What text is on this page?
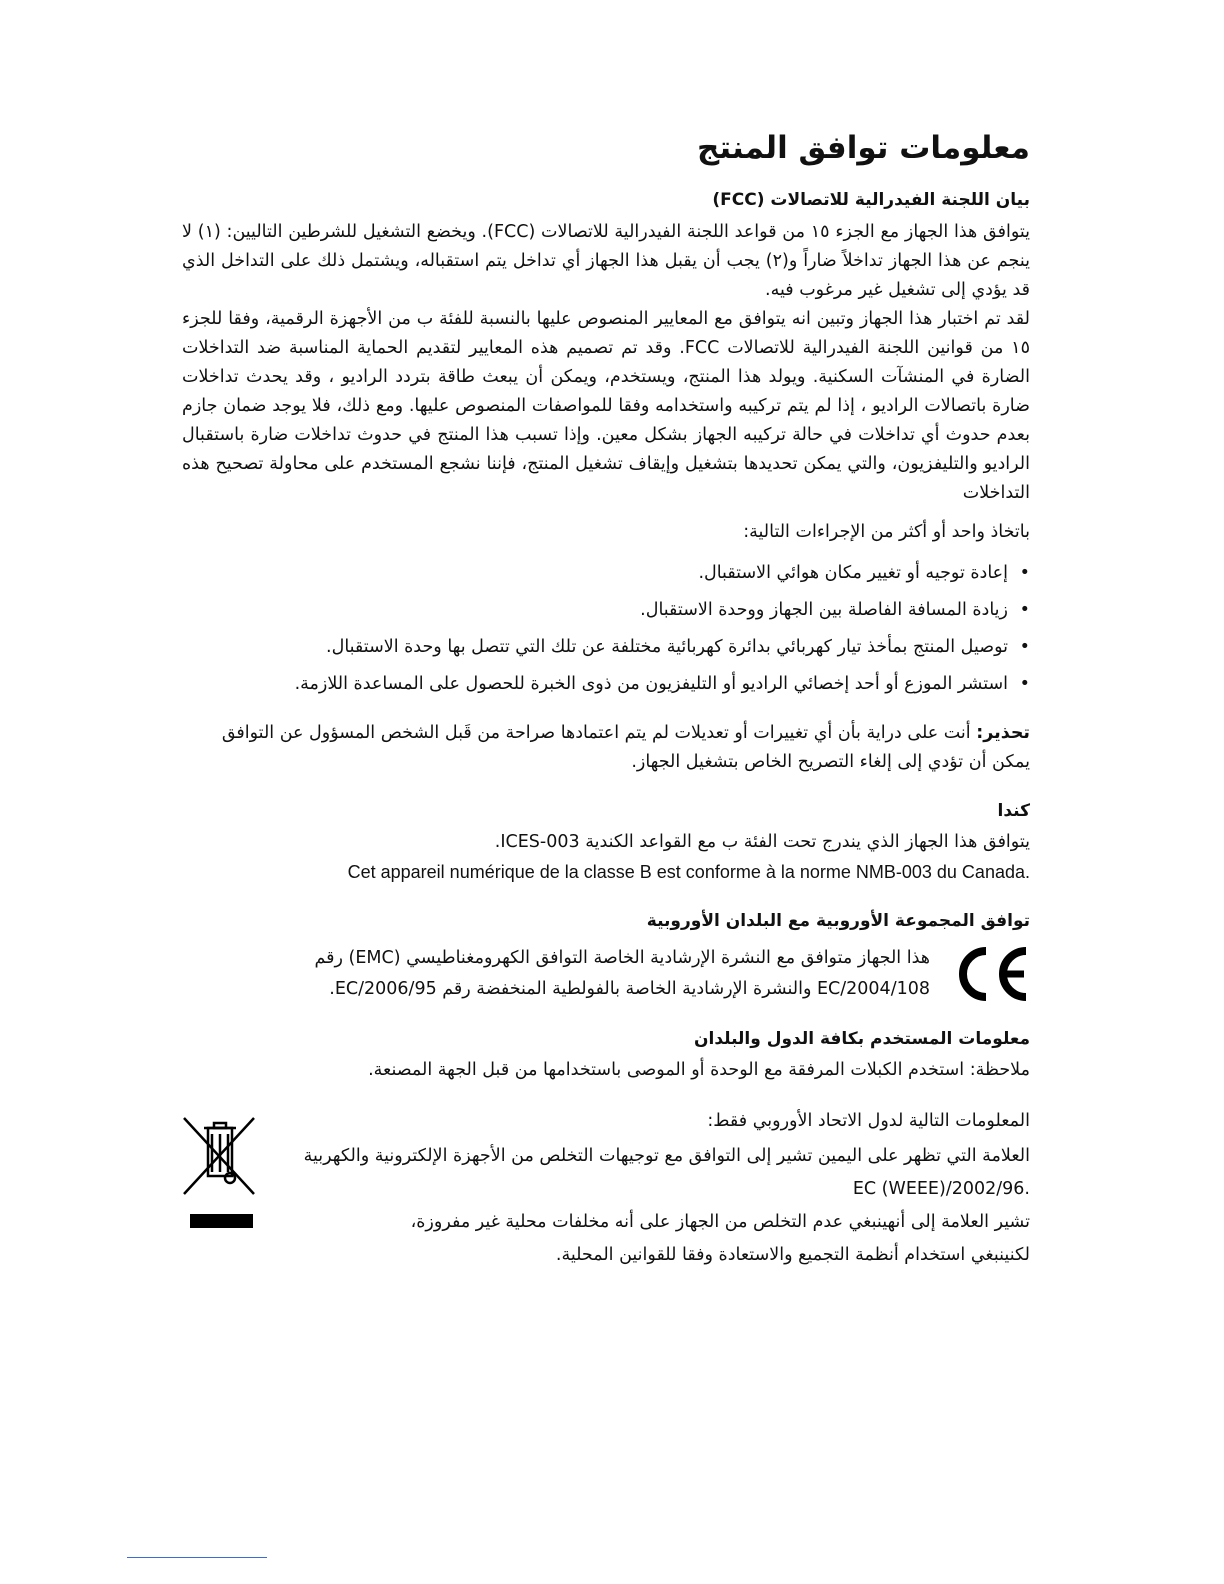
معلومات توافق المنتج
بيان اللجنة الفيدرالية للاتصالات (FCC)

يتوافق هذا الجهاز مع الجزء ١٥ من قواعد اللجنة الفيدرالية للاتصالات (FCC). ويخضع التشغيل للشرطين التاليين: (١) لا ينجم عن هذا الجهاز تداخلاً ضاراً و(٢) يجب أن يقبل هذا الجهاز أي تداخل يتم استقباله، ويشتمل ذلك على التداخل الذي قد يؤدي إلى تشغيل غير مرغوب فيه.

لقد تم اختبار هذا الجهاز وتبين انه يتوافق مع المعايير المنصوص عليها بالنسبة للفئة ب من الأجهزة الرقمية، وفقا للجزء ١٥ من قوانين اللجنة الفيدرالية للاتصالات FCC. وقد تم تصميم هذه المعايير لتقديم الحماية المناسبة ضد التداخلات الضارة في المنشآت السكنية. ويولد هذا المنتج، ويستخدم، ويمكن أن يبعث طاقة بتردد الراديو ، وقد يحدث تداخلات ضارة باتصالات الراديو ، إذا لم يتم تركيبه واستخدامه وفقا للمواصفات المنصوص عليها. ومع ذلك، فلا يوجد ضمان جازم بعدم حدوث أي تداخلات في حالة تركيبه الجهاز بشكل معين. وإذا تسبب هذا المنتج في حدوث تداخلات ضارة باستقبال الراديو والتليفزيون، والتي يمكن تحديدها بتشغيل وإيقاف تشغيل المنتج، فإننا نشجع المستخدم على محاولة تصحيح هذه التداخلات

باتخاذ واحد أو أكثر من الإجراءات التالية:

• إعادة توجيه أو تغيير مكان هوائي الاستقبال.
• زيادة المسافة الفاصلة بين الجهاز ووحدة الاستقبال.
• توصيل المنتج بمأخذ تيار كهربائي بدائرة كهربائية مختلفة عن تلك التي تتصل بها وحدة الاستقبال.
• استشر الموزع أو أحد إخصائي الراديو أو التليفزيون من ذوى الخبرة للحصول على المساعدة اللازمة.

تحذير: أنت على دراية بأن أي تغييرات أو تعديلات لم يتم اعتمادها صراحة من قَبل الشخص المسؤول عن التوافق يمكن أن تؤدي إلى إلغاء التصريح الخاص بتشغيل الجهاز.

كندا

يتوافق هذا الجهاز الذي يندرج تحت الفئة ب مع القواعد الكندية ICES-003.

Cet appareil numérique de la classe B est conforme à la norme NMB-003 du Canada.

توافق المجموعة الأوروبية مع البلدان الأوروبية

هذا الجهاز متوافق مع النشرة الإرشادية الخاصة التوافق الكهرومغناطيسي (EMC) رقم

2004/108/EC والنشرة الإرشادية الخاصة بالفولطية المنخفضة رقم 2006/95/EC.

معلومات المستخدم بكافة الدول والبلدان

ملاحظة: استخدم الكبلات المرفقة مع الوحدة أو الموصى باستخدامها من قبل الجهة المصنعة.

المعلومات التالية لدول الاتحاد الأوروبي فقط:

العلامة التي تظهر على اليمين تشير إلى التوافق مع توجيهات التخلص من الأجهزة الإلكترونية والكهربية

.2002/96/EC (WEEE)

تشير العلامة إلى أنهينبغي عدم التخلص من الجهاز على أنه مخلفات محلية غير مفروزة،

لكنينبغي استخدام أنظمة التجميع والاستعادة وفقا للقوانين المحلية.
